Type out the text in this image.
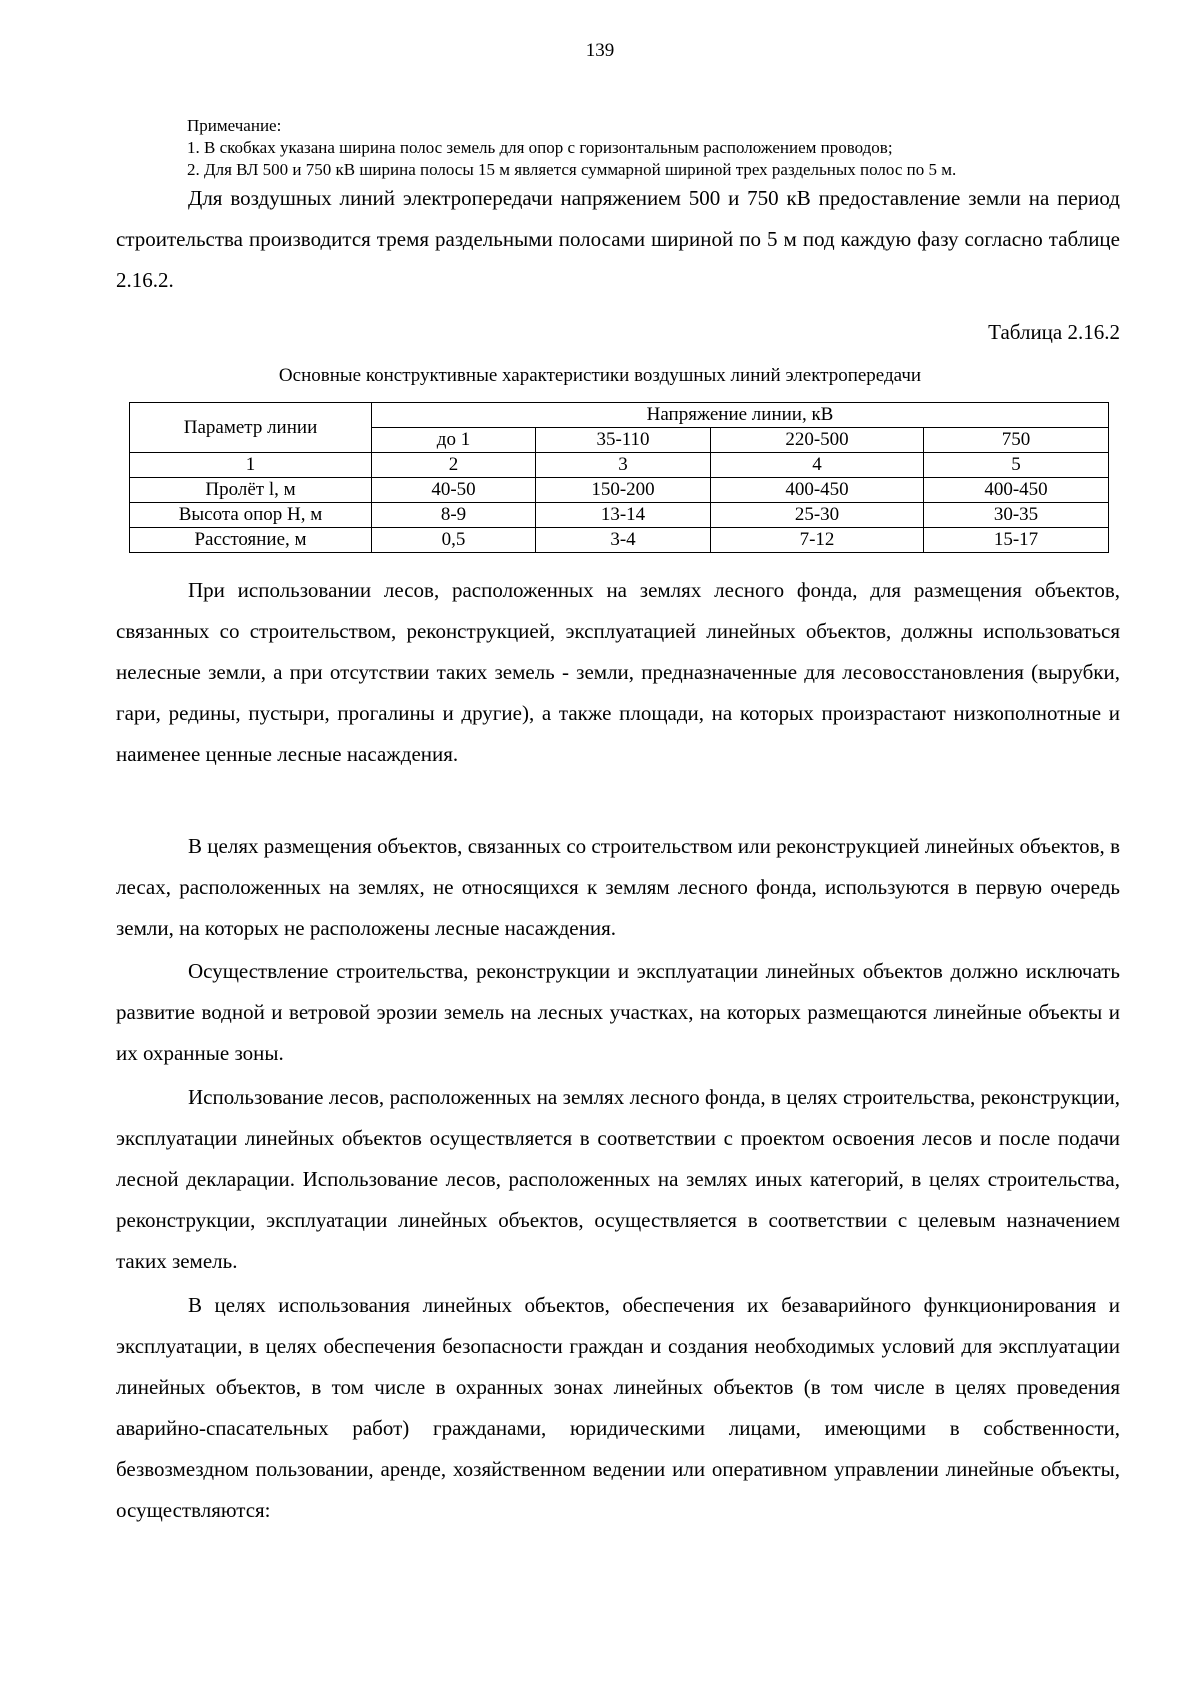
139
Примечание:
1. В скобках указана ширина полос земель для опор с горизонтальным расположением проводов;
2. Для ВЛ 500 и 750 кВ ширина полосы 15 м является суммарной шириной трех раздельных полос по 5 м.

Для воздушных линий электропередачи напряжением 500 и 750 кВ предоставление земли на период строительства производится тремя раздельными полосами шириной по 5 м под каждую фазу согласно таблице 2.16.2.

Таблица 2.16.2
Основные конструктивные характеристики воздушных линий электропередачи
Параметр линии	Напряжение линии, кВ			
	до 1	35-110	220-500	750
1	2	3	4	5
Пролёт l, м	40-50	150-200	400-450	400-450
Высота опор H, м	8-9	13-14	25-30	30-35
Расстояние, м	0,5	3-4	7-12	15-17

При использовании лесов, расположенных на землях лесного фонда, для размещения объектов, связанных со строительством, реконструкцией, эксплуатацией линейных объектов, должны использоваться нелесные земли, а при отсутствии таких земель - земли, предназначенные для лесовосстановления (вырубки, гари, редины, пустыри, прогалины и другие), а также площади, на которых произрастают низкополнотные и наименее ценные лесные насаждения.

В целях размещения объектов, связанных со строительством или реконструкцией линейных объектов, в лесах, расположенных на землях, не относящихся к землям лесного фонда, используются в первую очередь земли, на которых не расположены лесные насаждения.

Осуществление строительства, реконструкции и эксплуатации линейных объектов должно исключать развитие водной и ветровой эрозии земель на лесных участках, на которых размещаются линейные объекты и их охранные зоны.

Использование лесов, расположенных на землях лесного фонда, в целях строительства, реконструкции, эксплуатации линейных объектов осуществляется в соответствии с проектом освоения лесов и после подачи лесной декларации. Использование лесов, расположенных на землях иных категорий, в целях строительства, реконструкции, эксплуатации линейных объектов, осуществляется в соответствии с целевым назначением таких земель.

В целях использования линейных объектов, обеспечения их безаварийного функционирования и эксплуатации, в целях обеспечения безопасности граждан и создания необходимых условий для эксплуатации линейных объектов, в том числе в охранных зонах линейных объектов (в том числе в целях проведения аварийно-спасательных работ) гражданами, юридическими лицами, имеющими в собственности, безвозмездном пользовании, аренде, хозяйственном ведении или оперативном управлении линейные объекты, осуществляются:
